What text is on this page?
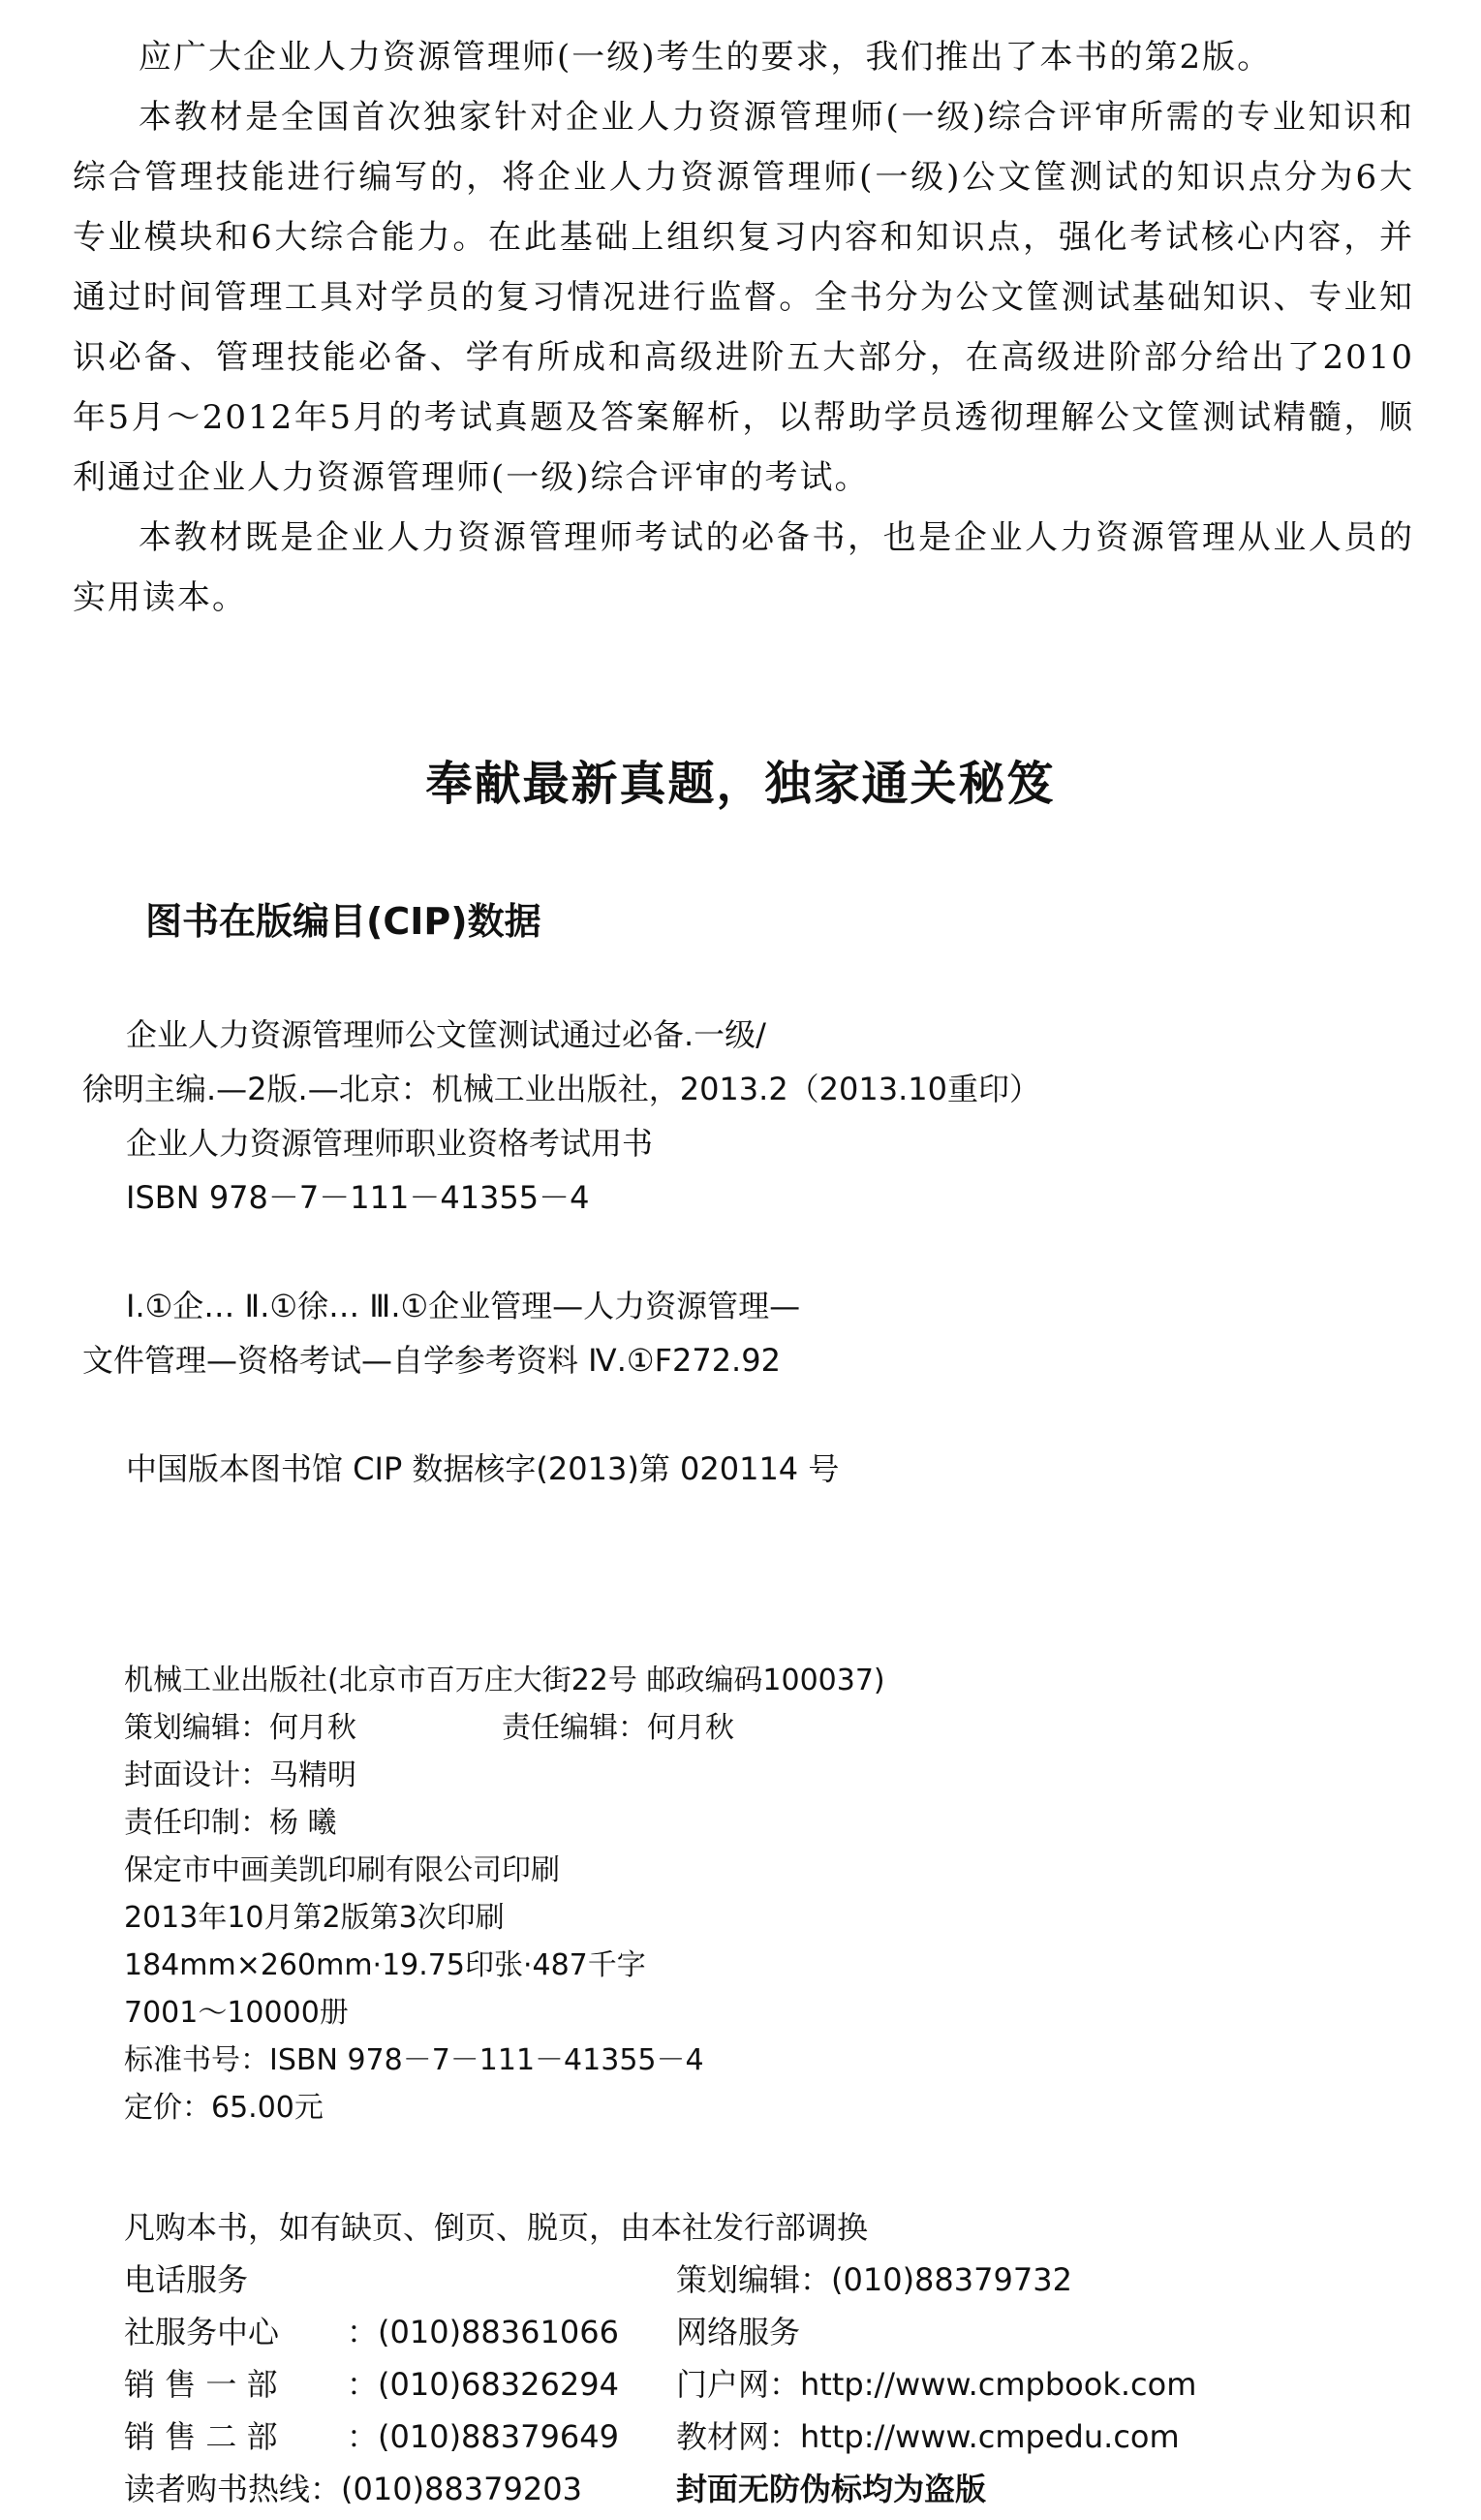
应广大企业人力资源管理师(一级)考生的要求，我们推出了本书的第2版。

本教材是全国首次独家针对企业人力资源管理师(一级)综合评审所需的专业知识和综合管理技能进行编写的，将企业人力资源管理师(一级)公文筐测试的知识点分为6大专业模块和6大综合能力。在此基础上组织复习内容和知识点，强化考试核心内容，并通过时间管理工具对学员的复习情况进行监督。全书分为公文筐测试基础知识、专业知识必备、管理技能必备、学有所成和高级进阶五大部分，在高级进阶部分给出了2010年5月～2012年5月的考试真题及答案解析，以帮助学员透彻理解公文筐测试精髓，顺利通过企业人力资源管理师(一级)综合评审的考试。

本教材既是企业人力资源管理师考试的必备书，也是企业人力资源管理从业人员的实用读本。

奉献最新真题，独家通关秘笈
图书在版编目(CIP)数据
企业人力资源管理师公文筐测试通过必备.一级/
徐明主编.—2版.—北京：机械工业出版社，2013.2（2013.10重印）
企业人力资源管理师职业资格考试用书
ISBN 978－7－111－41355－4
Ⅰ.①企… Ⅱ.①徐… Ⅲ.①企业管理—人力资源管理—
文件管理—资格考试—自学参考资料 Ⅳ.①F272.92
中国版本图书馆 CIP 数据核字(2013)第 020114 号
机械工业出版社(北京市百万庄大街22号 邮政编码100037)
策划编辑：何月秋	责任编辑：何月秋
封面设计：马精明
责任印制：杨 曦
保定市中画美凯印刷有限公司印刷
2013年10月第2版第3次印刷
184mm×260mm·19.75印张·487千字
7001～10000册
标准书号：ISBN 978－7－111－41355－4
定价：65.00元
凡购本书，如有缺页、倒页、脱页，由本社发行部调换
电话服务	策划编辑：(010)88379732
社服务中心 ：(010)88361066 网络服务
销 售 一 部 ：(010)68326294 门户网：http://www.cmpbook.com
销 售 二 部 ：(010)88379649 教材网：http://www.cmpedu.com
读者购书热线：(010)88379203	封面无防伪标均为盗版
